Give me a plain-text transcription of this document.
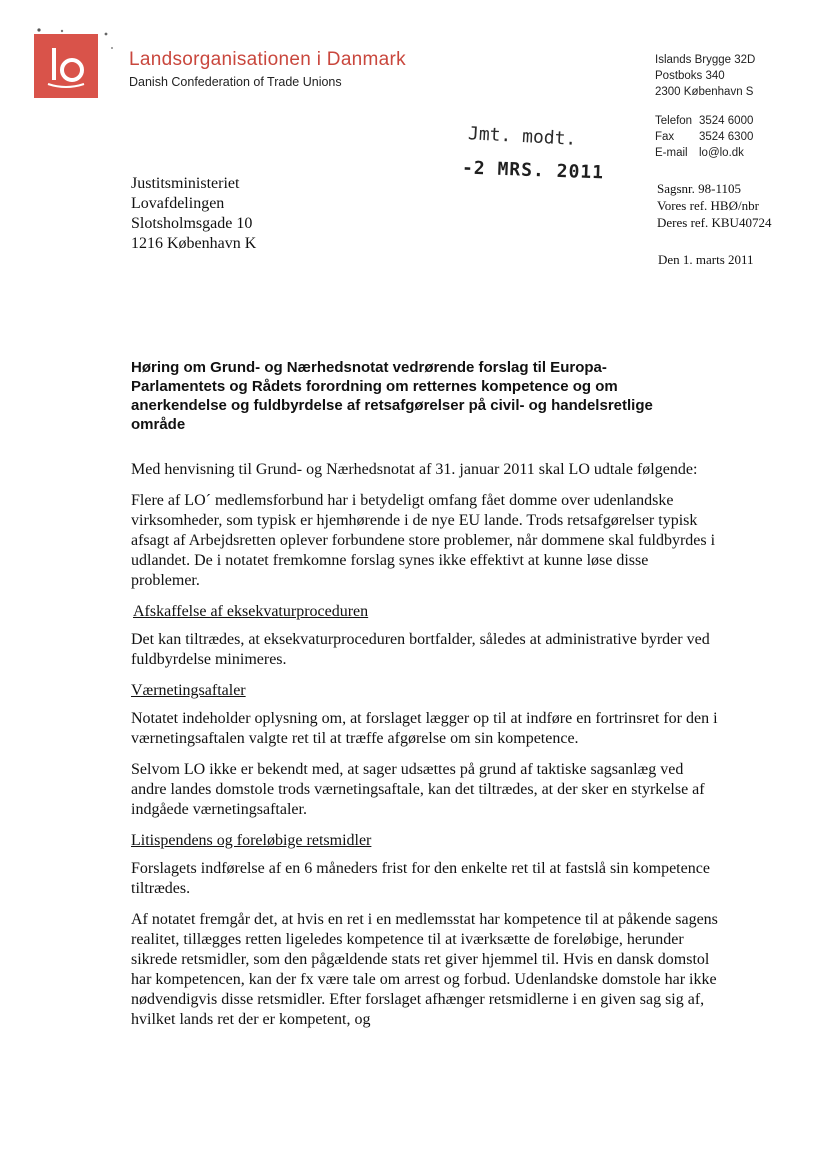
Landsorganisationen i Danmark
Danish Confederation of Trade Unions
Islands Brygge 32D
Postboks 340
2300 København S
Telefon 3524 6000
Fax	3524 6300
E-mail lo@lo.dk
Jmt. modt.
-2 MRS. 2011
Justitsministeriet
Lovafdelingen
Slotsholmsgade 10
1216 København K
Sagsnr. 98-1105
Vores ref. HBØ/nbr
Deres ref. KBU40724
Den 1. marts 2011
Høring om Grund- og Nærhedsnotat vedrørende forslag til Europa-Parlamentets og Rådets forordning om retternes kompetence og om anerkendelse og fuldbyrdelse af retsafgørelser på civil- og handelsretlige område

Med henvisning til Grund- og Nærhedsnotat af 31. januar 2011 skal LO udtale følgende:

Flere af LO´ medlemsforbund har i betydeligt omfang fået domme over udenlandske virksomheder, som typisk er hjemhørende i de nye EU lande. Trods retsafgørelser typisk afsagt af Arbejdsretten oplever forbundene store problemer, når dommene skal fuldbyrdes i udlandet. De i notatet fremkomne forslag synes ikke effektivt at kunne løse disse problemer.

Afskaffelse af eksekvaturproceduren

Det kan tiltrædes, at eksekvaturproceduren bortfalder, således at administrative byrder ved fuldbyrdelse minimeres.

Værnetingsaftaler

Notatet indeholder oplysning om, at forslaget lægger op til at indføre en fortrinsret for den i værnetingsaftalen valgte ret til at træffe afgørelse om sin kompetence.

Selvom LO ikke er bekendt med, at sager udsættes på grund af taktiske sagsanlæg ved andre landes domstole trods værnetingsaftale, kan det tiltrædes, at der sker en styrkelse af indgåede værnetingsaftaler.

Litispendens og foreløbige retsmidler

Forslagets indførelse af en 6 måneders frist for den enkelte ret til at fastslå sin kompetence tiltrædes.

Af notatet fremgår det, at hvis en ret i en medlemsstat har kompetence til at påkende sagens realitet, tillægges retten ligeledes kompetence til at iværksætte de foreløbige, herunder sikrede retsmidler, som den pågældende stats ret giver hjemmel til. Hvis en dansk domstol har kompetencen, kan der fx være tale om arrest og forbud. Udenlandske domstole har ikke nødvendigvis disse retsmidler. Efter forslaget afhænger retsmidlerne i en given sag sig af, hvilket lands ret der er kompetent, og
